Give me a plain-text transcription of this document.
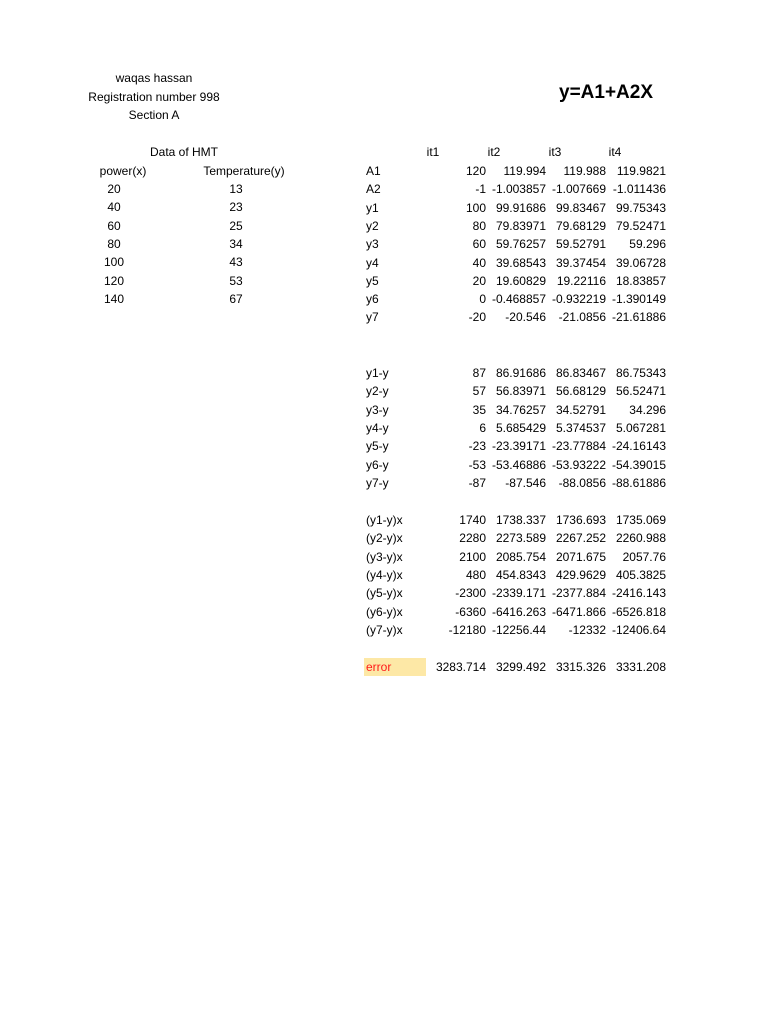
waqas hassan
Registration number 998
Section A
y=A1+A2X
Data of HMT
power(x)	Temperature(y)
20	13
40	23
60	25
80	34
100	43
120	53
140	67
it1	it2	it3	it4
A1	120 119.994 119.988 119.9821
A2	-1 -1.003857 -1.007669 -1.011436
y1	100 99.91686 99.83467 99.75343
y2	80 79.83971 79.68129 79.52471
y3	60 59.76257 59.52791 59.296
y4	40 39.68543 39.37454 39.06728
y5	20 19.60829 19.22116 18.83857
y6	0 -0.468857 -0.932219 -1.390149
y7	-20 -20.546 -21.0856 -21.61886
y1-y	87 86.91686 86.83467 86.75343
y2-y	57 56.83971 56.68129 56.52471
y3-y	35 34.76257 34.52791 34.296
y4-y	6 5.685429 5.374537 5.067281
y5-y	-23 -23.39171 -23.77884 -24.16143
y6-y	-53 -53.46886 -53.93222 -54.39015
y7-y	-87 -87.546 -88.0856 -88.61886
(y1-y)x	1740 1738.337 1736.693 1735.069
(y2-y)x	2280 2273.589 2267.252 2260.988
(y3-y)x	2100 2085.754 2071.675 2057.76
(y4-y)x	480 454.8343 429.9629 405.3825
(y5-y)x	-2300 -2339.171 -2377.884 -2416.143
(y6-y)x	-6360 -6416.263 -6471.866 -6526.818
(y7-y)x	-12180 -12256.44 -12332 -12406.64
error	3283.714 3299.492 3315.326 3331.208
